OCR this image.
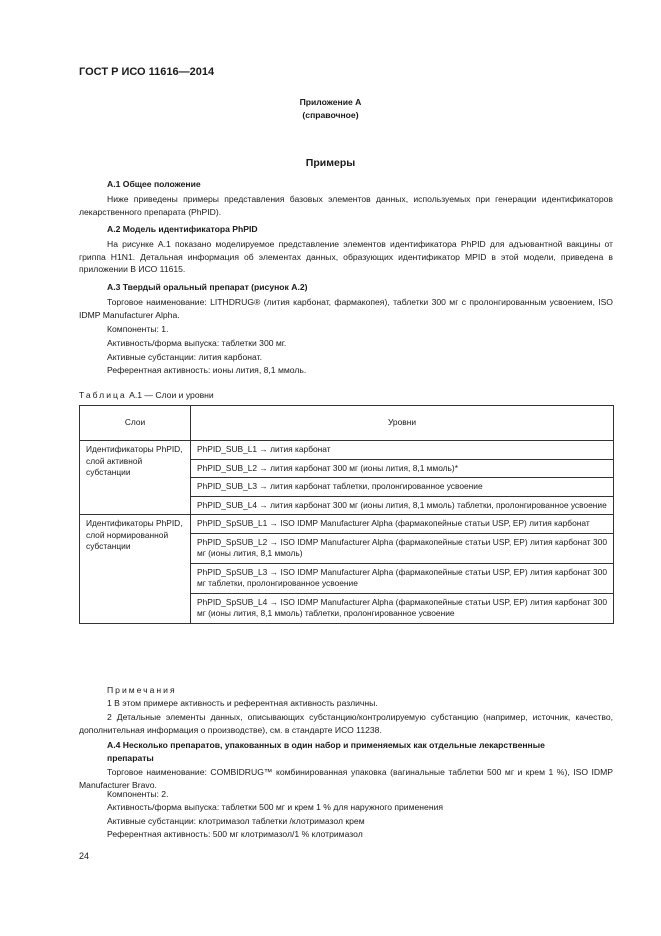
ГОСТ Р ИСО 11616—2014
Приложение А
(справочное)
Примеры
А.1 Общее положение
Ниже приведены примеры представления базовых элементов данных, используемых при генерации идентификаторов лекарственного препарата (PhPID).
А.2 Модель идентификатора PhPID
На рисунке А.1 показано моделируемое представление элементов идентификатора PhPID для адъювантной вакцины от гриппа H1N1. Детальная информация об элементах данных, образующих идентификатор MPID в этой модели, приведена в приложении В ИСО 11615.
А.3 Твердый оральный препарат (рисунок А.2)
Торговое наименование: LITHDRUG® (лития карбонат, фармакопея), таблетки 300 мг с пролонгированным усвоением, ISO IDMP Manufacturer Alpha.
Компоненты: 1.
Активность/форма выпуска: таблетки 300 мг.
Активные субстанции: лития карбонат.
Референтная активность: ионы лития, 8,1 ммоль.
Таблица А.1 — Слои и уровни
Слои	Уровни
Идентификаторы PhPID, слой активной субстанции	PhPID_SUB_L1 → лития карбонат
	PhPID_SUB_L2 → лития карбонат 300 мг (ионы лития, 8,1 ммоль)*
	PhPID_SUB_L3 → лития карбонат таблетки, пролонгированное усвоение
	PhPID_SUB_L4 → лития карбонат 300 мг (ионы лития, 8,1 ммоль) таблетки, пролонгированное усвоение
Идентификаторы PhPID, слой нормированной субстанции	PhPID_SpSUB_L1 → ISO IDMP Manufacturer Alpha (фармакопейные статьи USP, EP) лития карбонат
	PhPID_SpSUB_L2 → ISO IDMP Manufacturer Alpha (фармакопейные статьи USP, EP) лития карбонат 300 мг (ионы лития, 8,1 ммоль)
	PhPID_SpSUB_L3 → ISO IDMP Manufacturer Alpha (фармакопейные статьи USP, EP) лития карбонат 300 мг таблетки, пролонгированное усвоение
	PhPID_SpSUB_L4 → ISO IDMP Manufacturer Alpha (фармакопейные статьи USP, EP) лития карбонат 300 мг (ионы лития, 8,1 ммоль) таблетки, пролонгированное усвоение
Примечания
1 В этом примере активность и референтная активность различны.
2 Детальные элементы данных, описывающих субстанцию/контролируемую субстанцию (например, источник, качество, дополнительная информация о производстве), см. в стандарте ИСО 11238.
А.4 Несколько препаратов, упакованных в один набор и применяемых как отдельные лекарственные препараты
Торговое наименование: COMBIDRUG™ комбинированная упаковка (вагинальные таблетки 500 мг и крем 1 %), ISO IDMP Manufacturer Bravo.
Компоненты: 2.
Активность/форма выпуска: таблетки 500 мг и крем 1 % для наружного применения
Активные субстанции: клотримазол таблетки /клотримазол крем
Референтная активность: 500 мг клотримазол/1 % клотримазол
24
